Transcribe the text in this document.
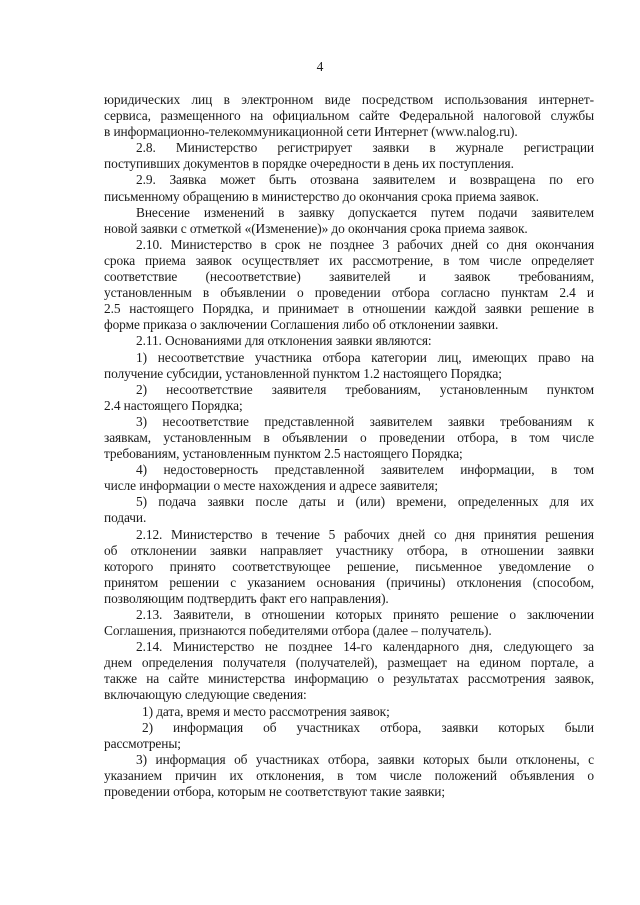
4
юридических лиц в электронном виде посредством использования интернет-
сервиса, размещенного на официальном сайте Федеральной налоговой службы
в информационно-телекоммуникационной сети Интернет (www.nalog.ru).
2.8. Министерство регистрирует заявки в журнале регистрации
поступивших документов в порядке очередности в день их поступления.
2.9. Заявка может быть отозвана заявителем и возвращена по его
письменному обращению в министерство до окончания срока приема заявок.
Внесение изменений в заявку допускается путем подачи заявителем
новой заявки с отметкой «(Изменение)» до окончания срока приема заявок.
2.10. Министерство в срок не позднее 3 рабочих дней со дня окончания
срока приема заявок осуществляет их рассмотрение, в том числе определяет
соответствие (несоответствие) заявителей и заявок требованиям,
установленным в объявлении о проведении отбора согласно пунктам 2.4 и
2.5 настоящего Порядка, и принимает в отношении каждой заявки решение в
форме приказа о заключении Соглашения либо об отклонении заявки.
2.11. Основаниями для отклонения заявки являются:
1) несоответствие участника отбора категории лиц, имеющих право на
получение субсидии, установленной пунктом 1.2 настоящего Порядка;
2) несоответствие заявителя требованиям, установленным пунктом
2.4 настоящего Порядка;
3) несоответствие представленной заявителем заявки требованиям к
заявкам, установленным в объявлении о проведении отбора, в том числе
требованиям, установленным пунктом 2.5 настоящего Порядка;
4) недостоверность представленной заявителем информации, в том
числе информации о месте нахождения и адресе заявителя;
5) подача заявки после даты и (или) времени, определенных для их
подачи.
2.12. Министерство в течение 5 рабочих дней со дня принятия решения
об отклонении заявки направляет участнику отбора, в отношении заявки
которого принято соответствующее решение, письменное уведомление о
принятом решении с указанием основания (причины) отклонения (способом,
позволяющим подтвердить факт его направления).
2.13. Заявители, в отношении которых принято решение о заключении
Соглашения, признаются победителями отбора (далее – получатель).
2.14. Министерство не позднее 14-го календарного дня, следующего за
днем определения получателя (получателей), размещает на едином портале, а
также на сайте министерства информацию о результатах рассмотрения заявок,
включающую следующие сведения:
1) дата, время и место рассмотрения заявок;
2) информация об участниках отбора, заявки которых были
рассмотрены;
3) информация об участниках отбора, заявки которых были отклонены, с
указанием причин их отклонения, в том числе положений объявления о
проведении отбора, которым не соответствуют такие заявки;
